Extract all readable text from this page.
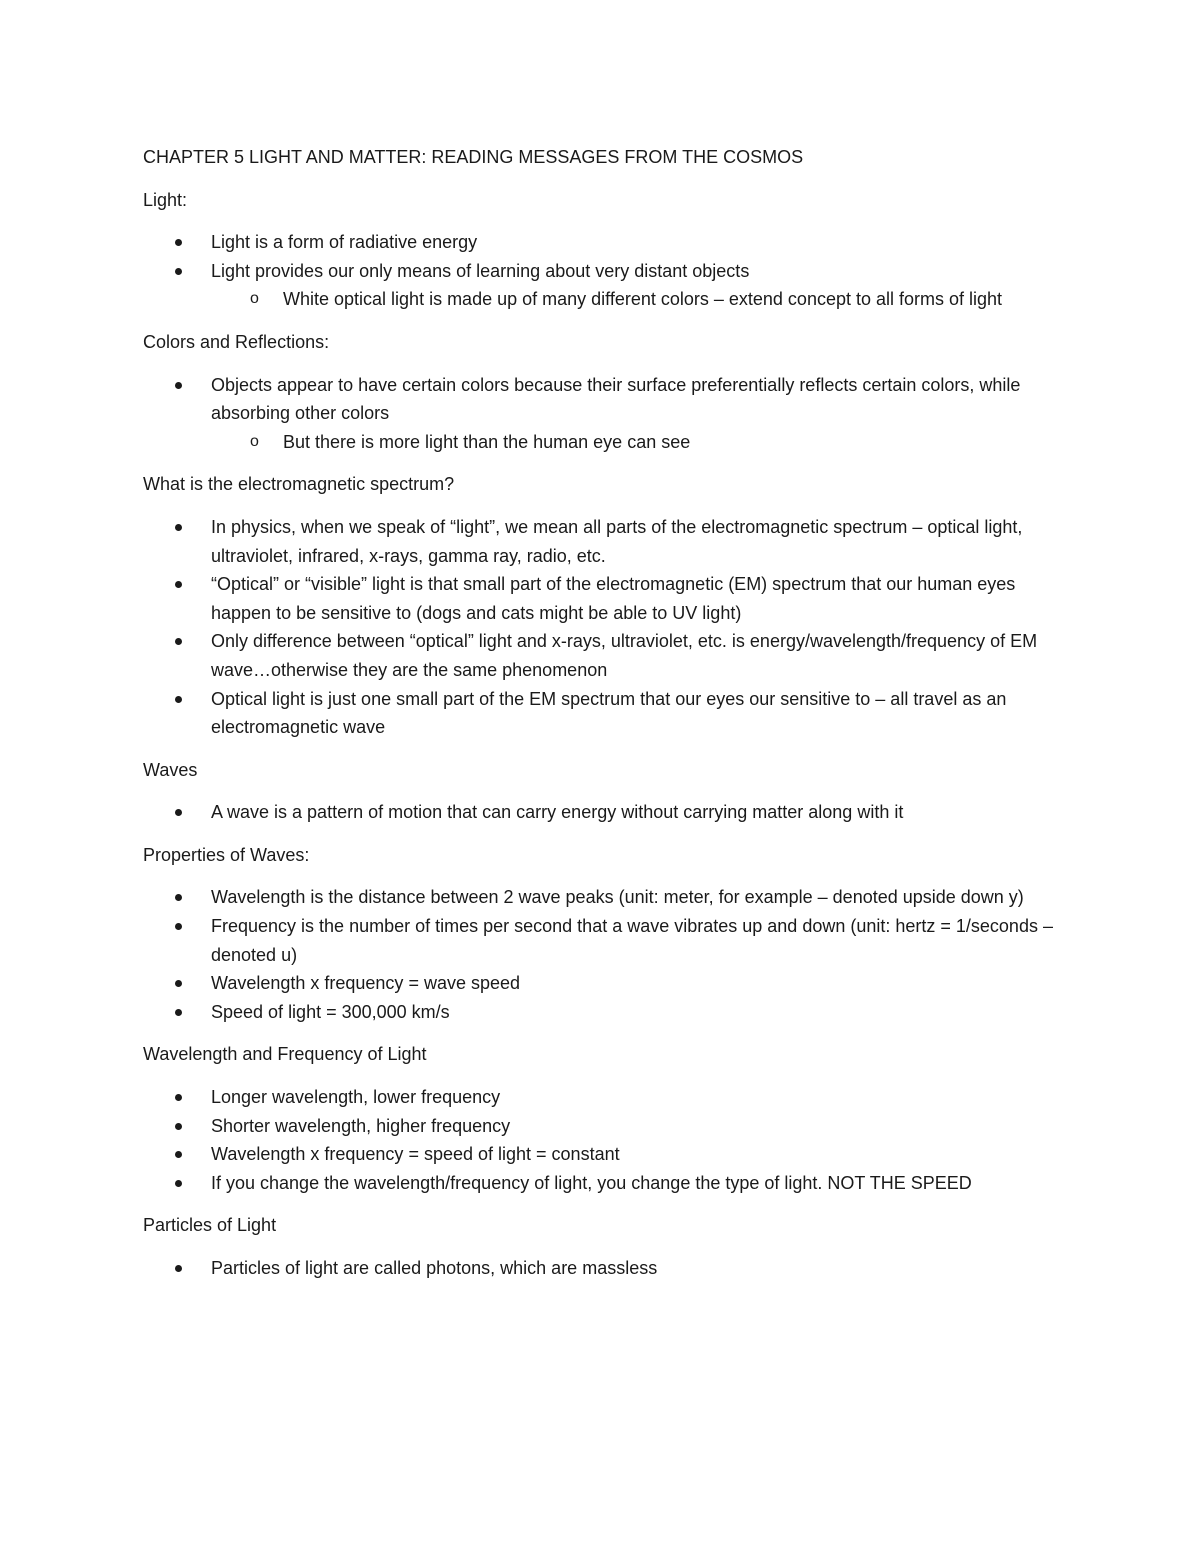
CHAPTER 5 LIGHT AND MATTER: READING MESSAGES FROM THE COSMOS

Light:

Light is a form of radiative energy
Light provides our only means of learning about very distant objects
o White optical light is made up of many different colors – extend concept to all forms of light

Colors and Reflections:

Objects appear to have certain colors because their surface preferentially reflects certain colors, while absorbing other colors
o But there is more light than the human eye can see

What is the electromagnetic spectrum?

In physics, when we speak of “light”, we mean all parts of the electromagnetic spectrum – optical light, ultraviolet, infrared, x-rays, gamma ray, radio, etc.
“Optical” or “visible” light is that small part of the electromagnetic (EM) spectrum that our human eyes happen to be sensitive to (dogs and cats might be able to UV light)
Only difference between “optical” light and x-rays, ultraviolet, etc. is energy/wavelength/frequency of EM wave…otherwise they are the same phenomenon
Optical light is just one small part of the EM spectrum that our eyes our sensitive to – all travel as an electromagnetic wave

Waves

A wave is a pattern of motion that can carry energy without carrying matter along with it

Properties of Waves:

Wavelength is the distance between 2 wave peaks (unit: meter, for example – denoted upside down y)
Frequency is the number of times per second that a wave vibrates up and down (unit: hertz = 1/seconds – denoted u)
Wavelength x frequency = wave speed
Speed of light = 300,000 km/s

Wavelength and Frequency of Light

Longer wavelength, lower frequency
Shorter wavelength, higher frequency
Wavelength x frequency = speed of light = constant
If you change the wavelength/frequency of light, you change the type of light. NOT THE SPEED

Particles of Light

Particles of light are called photons, which are massless
